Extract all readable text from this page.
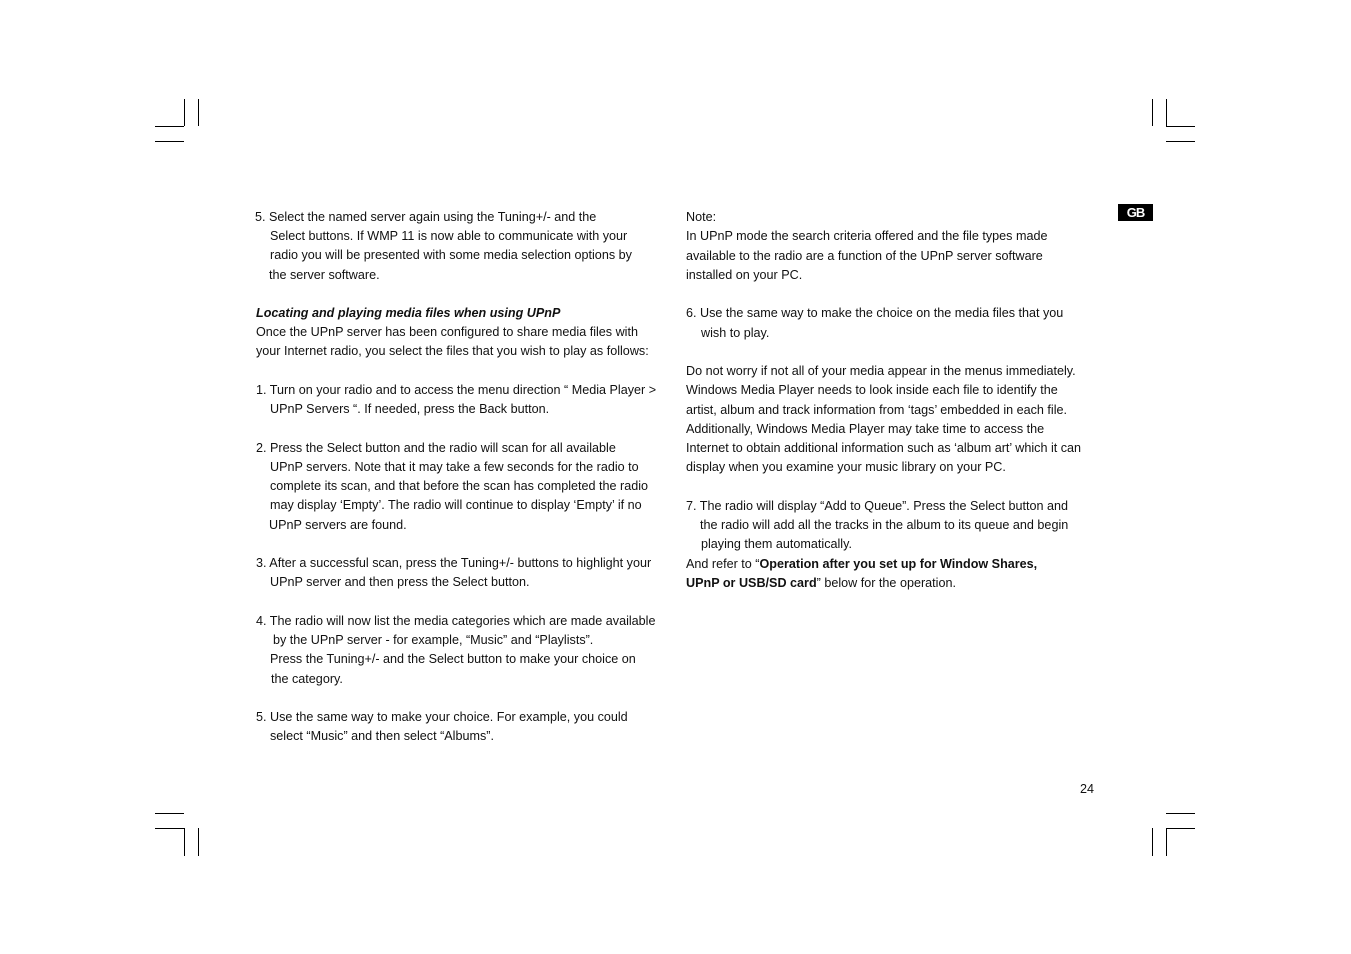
GB
5. Select the named server again using the Tuning+/- and the
Select buttons. If WMP 11 is now able to communicate with your
radio you will be presented with some media selection options by
the server software.
Locating and playing media files when using UPnP
Once the UPnP server has been configured to share media files with
your Internet radio, you select the files that you wish to play as follows:
1. Turn on your radio and to access the menu direction “ Media Player >
UPnP Servers “. If needed, press the Back button.
2. Press the Select button and the radio will scan for all available
UPnP servers. Note that it may take a few seconds for the radio to
complete its scan, and that before the scan has completed the radio
may display ‘Empty’. The radio will continue to display ‘Empty’ if no
UPnP servers are found.
3. After a successful scan, press the Tuning+/- buttons to highlight your
UPnP server and then press the Select button.
4. The radio will now list the media categories which are made available
by the UPnP server - for example, “Music” and “Playlists”.
Press the Tuning+/- and the Select button to make your choice on
the category.
5. Use the same way to make your choice. For example, you could
select “Music” and then select “Albums”.
Note:
In UPnP mode the search criteria offered and the file types made
available to the radio are a function of the UPnP server software
installed on your PC.
6. Use the same way to make the choice on the media files that you
wish to play.
Do not worry if not all of your media appear in the menus immediately.
Windows Media Player needs to look inside each file to identify the
artist, album and track information from ‘tags’ embedded in each file.
Additionally, Windows Media Player may take time to access the
Internet to obtain additional information such as ‘album art’ which it can
display when you examine your music library on your PC.
7. The radio will display “Add to Queue”. Press the Select button and
the radio will add all the tracks in the album to its queue and begin
playing them automatically.
And refer to “Operation after you set up for Window Shares,
UPnP or USB/SD card” below for the operation.
24
